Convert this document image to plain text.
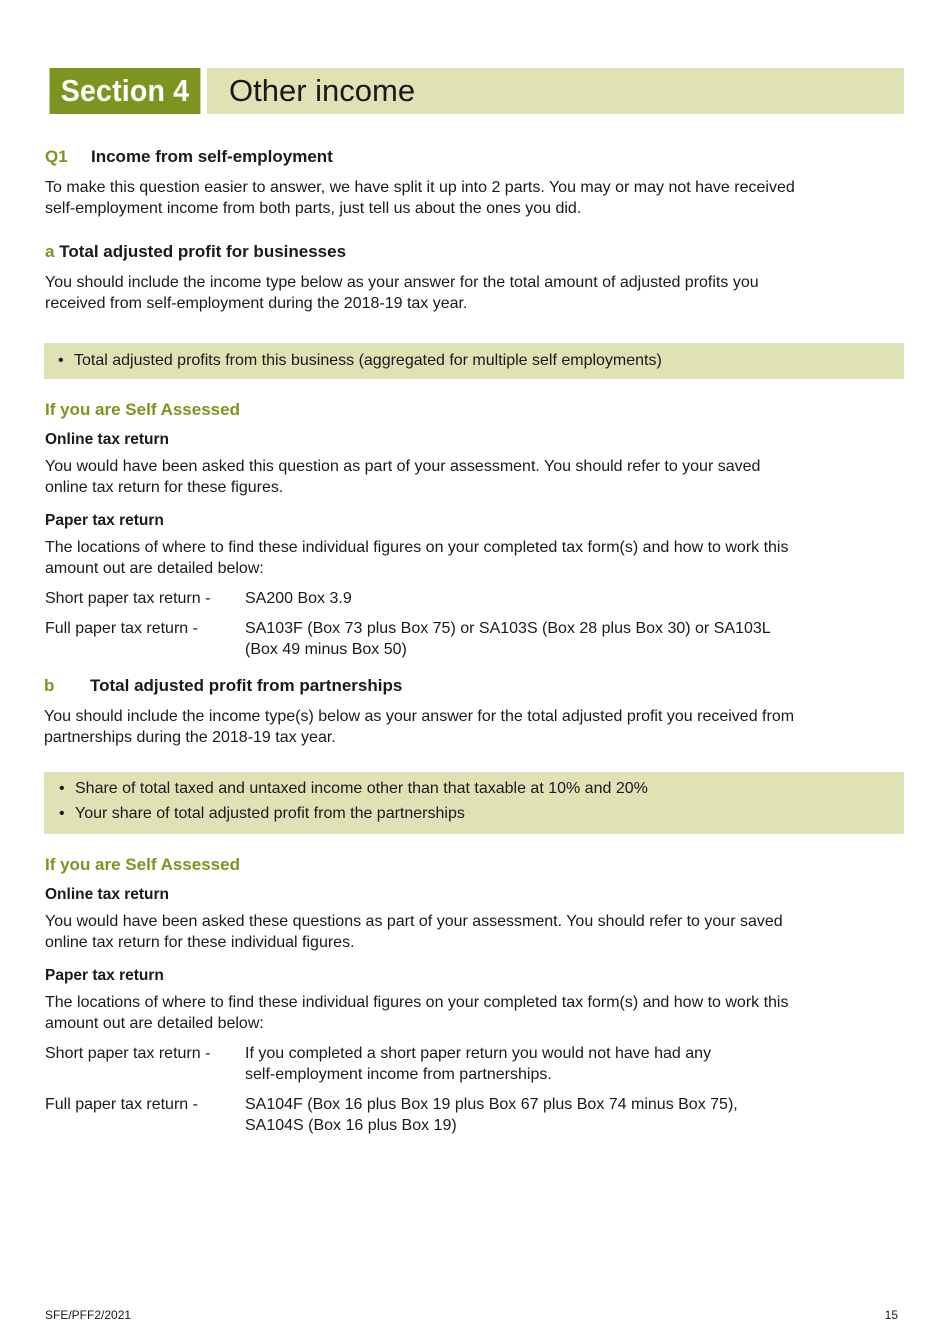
Section 4	Other income
Q1 Income from self-employment
To make this question easier to answer, we have split it up into 2 parts. You may or may not have received
self-employment income from both parts, just tell us about the ones you did.
a Total adjusted profit for businesses
You should include the income type below as your answer for the total amount of adjusted profits you
received from self-employment during the 2018-19 tax year.
• Total adjusted profits from this business (aggregated for multiple self employments)
If you are Self Assessed
Online tax return
You would have been asked this question as part of your assessment. You should refer to your saved
online tax return for these figures.
Paper tax return
The locations of where to find these individual figures on your completed tax form(s) and how to work this
amount out are detailed below:
Short paper tax return -	SA200 Box 3.9
Full paper tax return -	SA103F (Box 73 plus Box 75) or SA103S (Box 28 plus Box 30) or SA103L
(Box 49 minus Box 50)
b Total adjusted profit from partnerships
You should include the income type(s) below as your answer for the total adjusted profit you received from
partnerships during the 2018-19 tax year.
• Share of total taxed and untaxed income other than that taxable at 10% and 20%
• Your share of total adjusted profit from the partnerships
If you are Self Assessed
Online tax return
You would have been asked these questions as part of your assessment. You should refer to your saved
online tax return for these individual figures.
Paper tax return
The locations of where to find these individual figures on your completed tax form(s) and how to work this
amount out are detailed below:
Short paper tax return -	If you completed a short paper return you would not have had any
self-employment income from partnerships.
Full paper tax return -	SA104F (Box 16 plus Box 19 plus Box 67 plus Box 74 minus Box 75),
SA104S (Box 16 plus Box 19)
SFE/PFF2/2021	15
